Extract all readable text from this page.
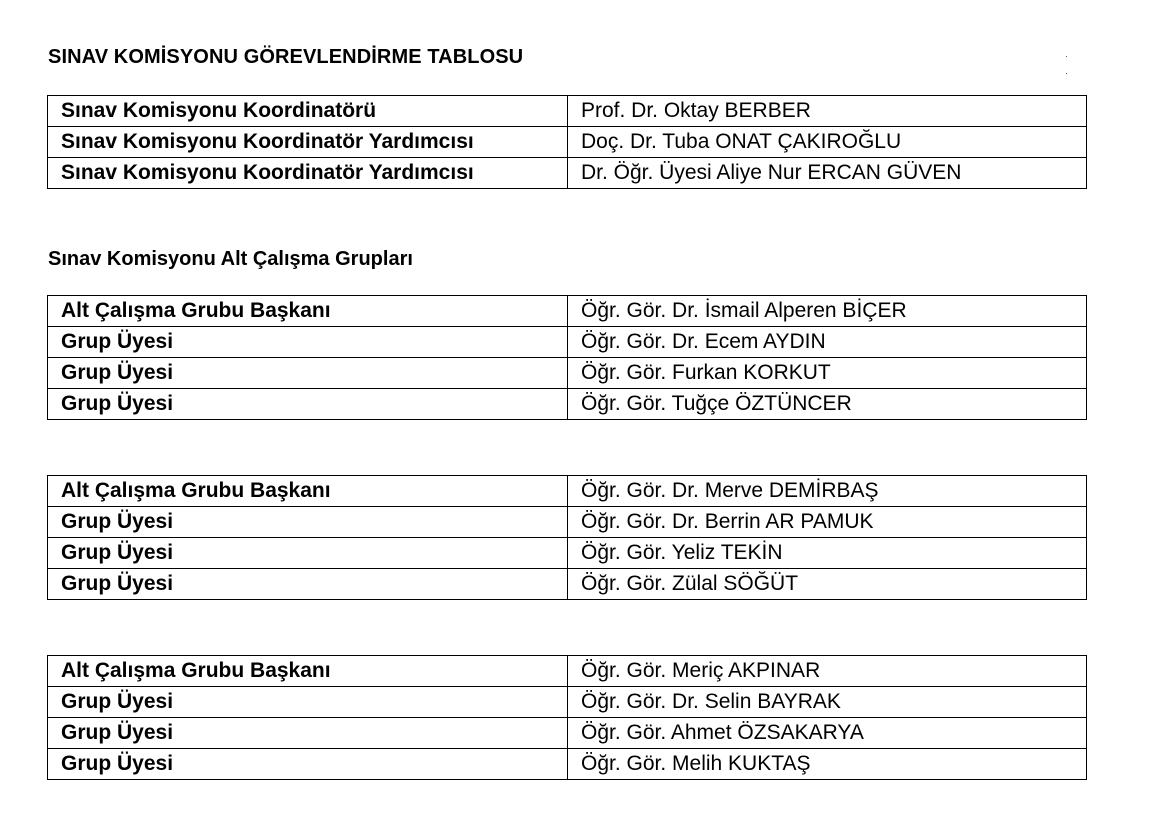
SINAV KOMİSYONU GÖREVLENDİRME TABLOSU
Sınav Komisyonu Koordinatörü	Prof. Dr. Oktay BERBER
Sınav Komisyonu Koordinatör Yardımcısı	Doç. Dr. Tuba ONAT ÇAKIROĞLU
Sınav Komisyonu Koordinatör Yardımcısı	Dr. Öğr. Üyesi Aliye Nur ERCAN GÜVEN
Sınav Komisyonu Alt Çalışma Grupları
Alt Çalışma Grubu Başkanı	Öğr. Gör. Dr. İsmail Alperen BİÇER
Grup Üyesi	Öğr. Gör. Dr. Ecem AYDIN
Grup Üyesi	Öğr. Gör. Furkan KORKUT
Grup Üyesi	Öğr. Gör. Tuğçe ÖZTÜNCER
Alt Çalışma Grubu Başkanı	Öğr. Gör. Dr. Merve DEMİRBAŞ
Grup Üyesi	Öğr. Gör. Dr. Berrin AR PAMUK
Grup Üyesi	Öğr. Gör. Yeliz TEKİN
Grup Üyesi	Öğr. Gör. Zülal SÖĞÜT
Alt Çalışma Grubu Başkanı	Öğr. Gör. Meriç AKPINAR
Grup Üyesi	Öğr. Gör. Dr. Selin BAYRAK
Grup Üyesi	Öğr. Gör. Ahmet ÖZSAKARYA
Grup Üyesi	Öğr. Gör. Melih KUKTAŞ
